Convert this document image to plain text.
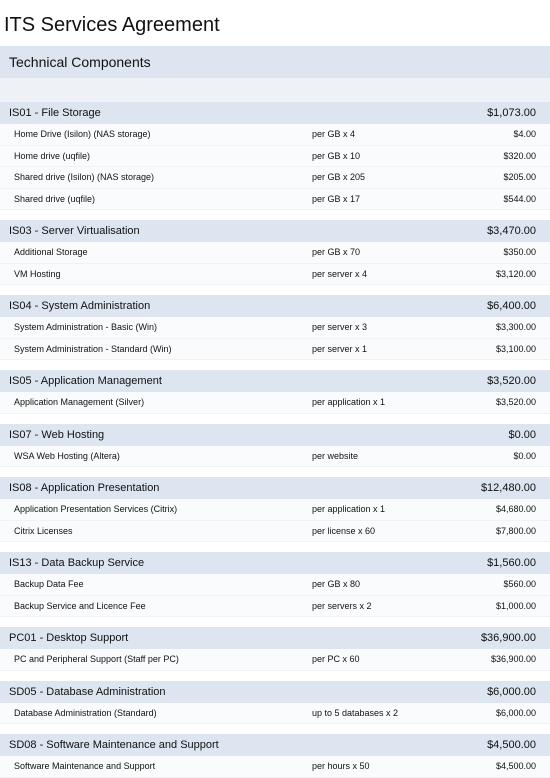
ITS Services Agreement
Technical Components
IS01 - File Storage	$1,073.00
Home Drive (Isilon) (NAS storage)	per GB x 4	$4.00
Home drive (uqfile)	per GB x 10	$320.00
Shared drive (Isilon) (NAS storage)	per GB x 205	$205.00
Shared drive (uqfile)	per GB x 17	$544.00
IS03 - Server Virtualisation	$3,470.00
Additional Storage	per GB x 70	$350.00
VM Hosting	per server x 4	$3,120.00
IS04 - System Administration	$6,400.00
System Administration - Basic (Win)	per server x 3	$3,300.00
System Administration - Standard (Win)	per server x 1	$3,100.00
IS05 - Application Management	$3,520.00
Application Management (Silver)	per application x 1	$3,520.00
IS07 - Web Hosting	$0.00
WSA Web Hosting (Altera)	per website	$0.00
IS08 - Application Presentation	$12,480.00
Application Presentation Services (Citrix)	per application x 1	$4,680.00
Citrix Licenses	per license x 60	$7,800.00
IS13 - Data Backup Service	$1,560.00
Backup Data Fee	per GB x 80	$560.00
Backup Service and Licence Fee	per servers x 2	$1,000.00
PC01 - Desktop Support	$36,900.00
PC and Peripheral Support (Staff per PC)	per PC x 60	$36,900.00
SD05 - Database Administration	$6,000.00
Database Administration (Standard)	up to 5 databases x 2	$6,000.00
SD08 - Software Maintenance and Support	$4,500.00
Software Maintenance and Support	per hours x 50	$4,500.00
